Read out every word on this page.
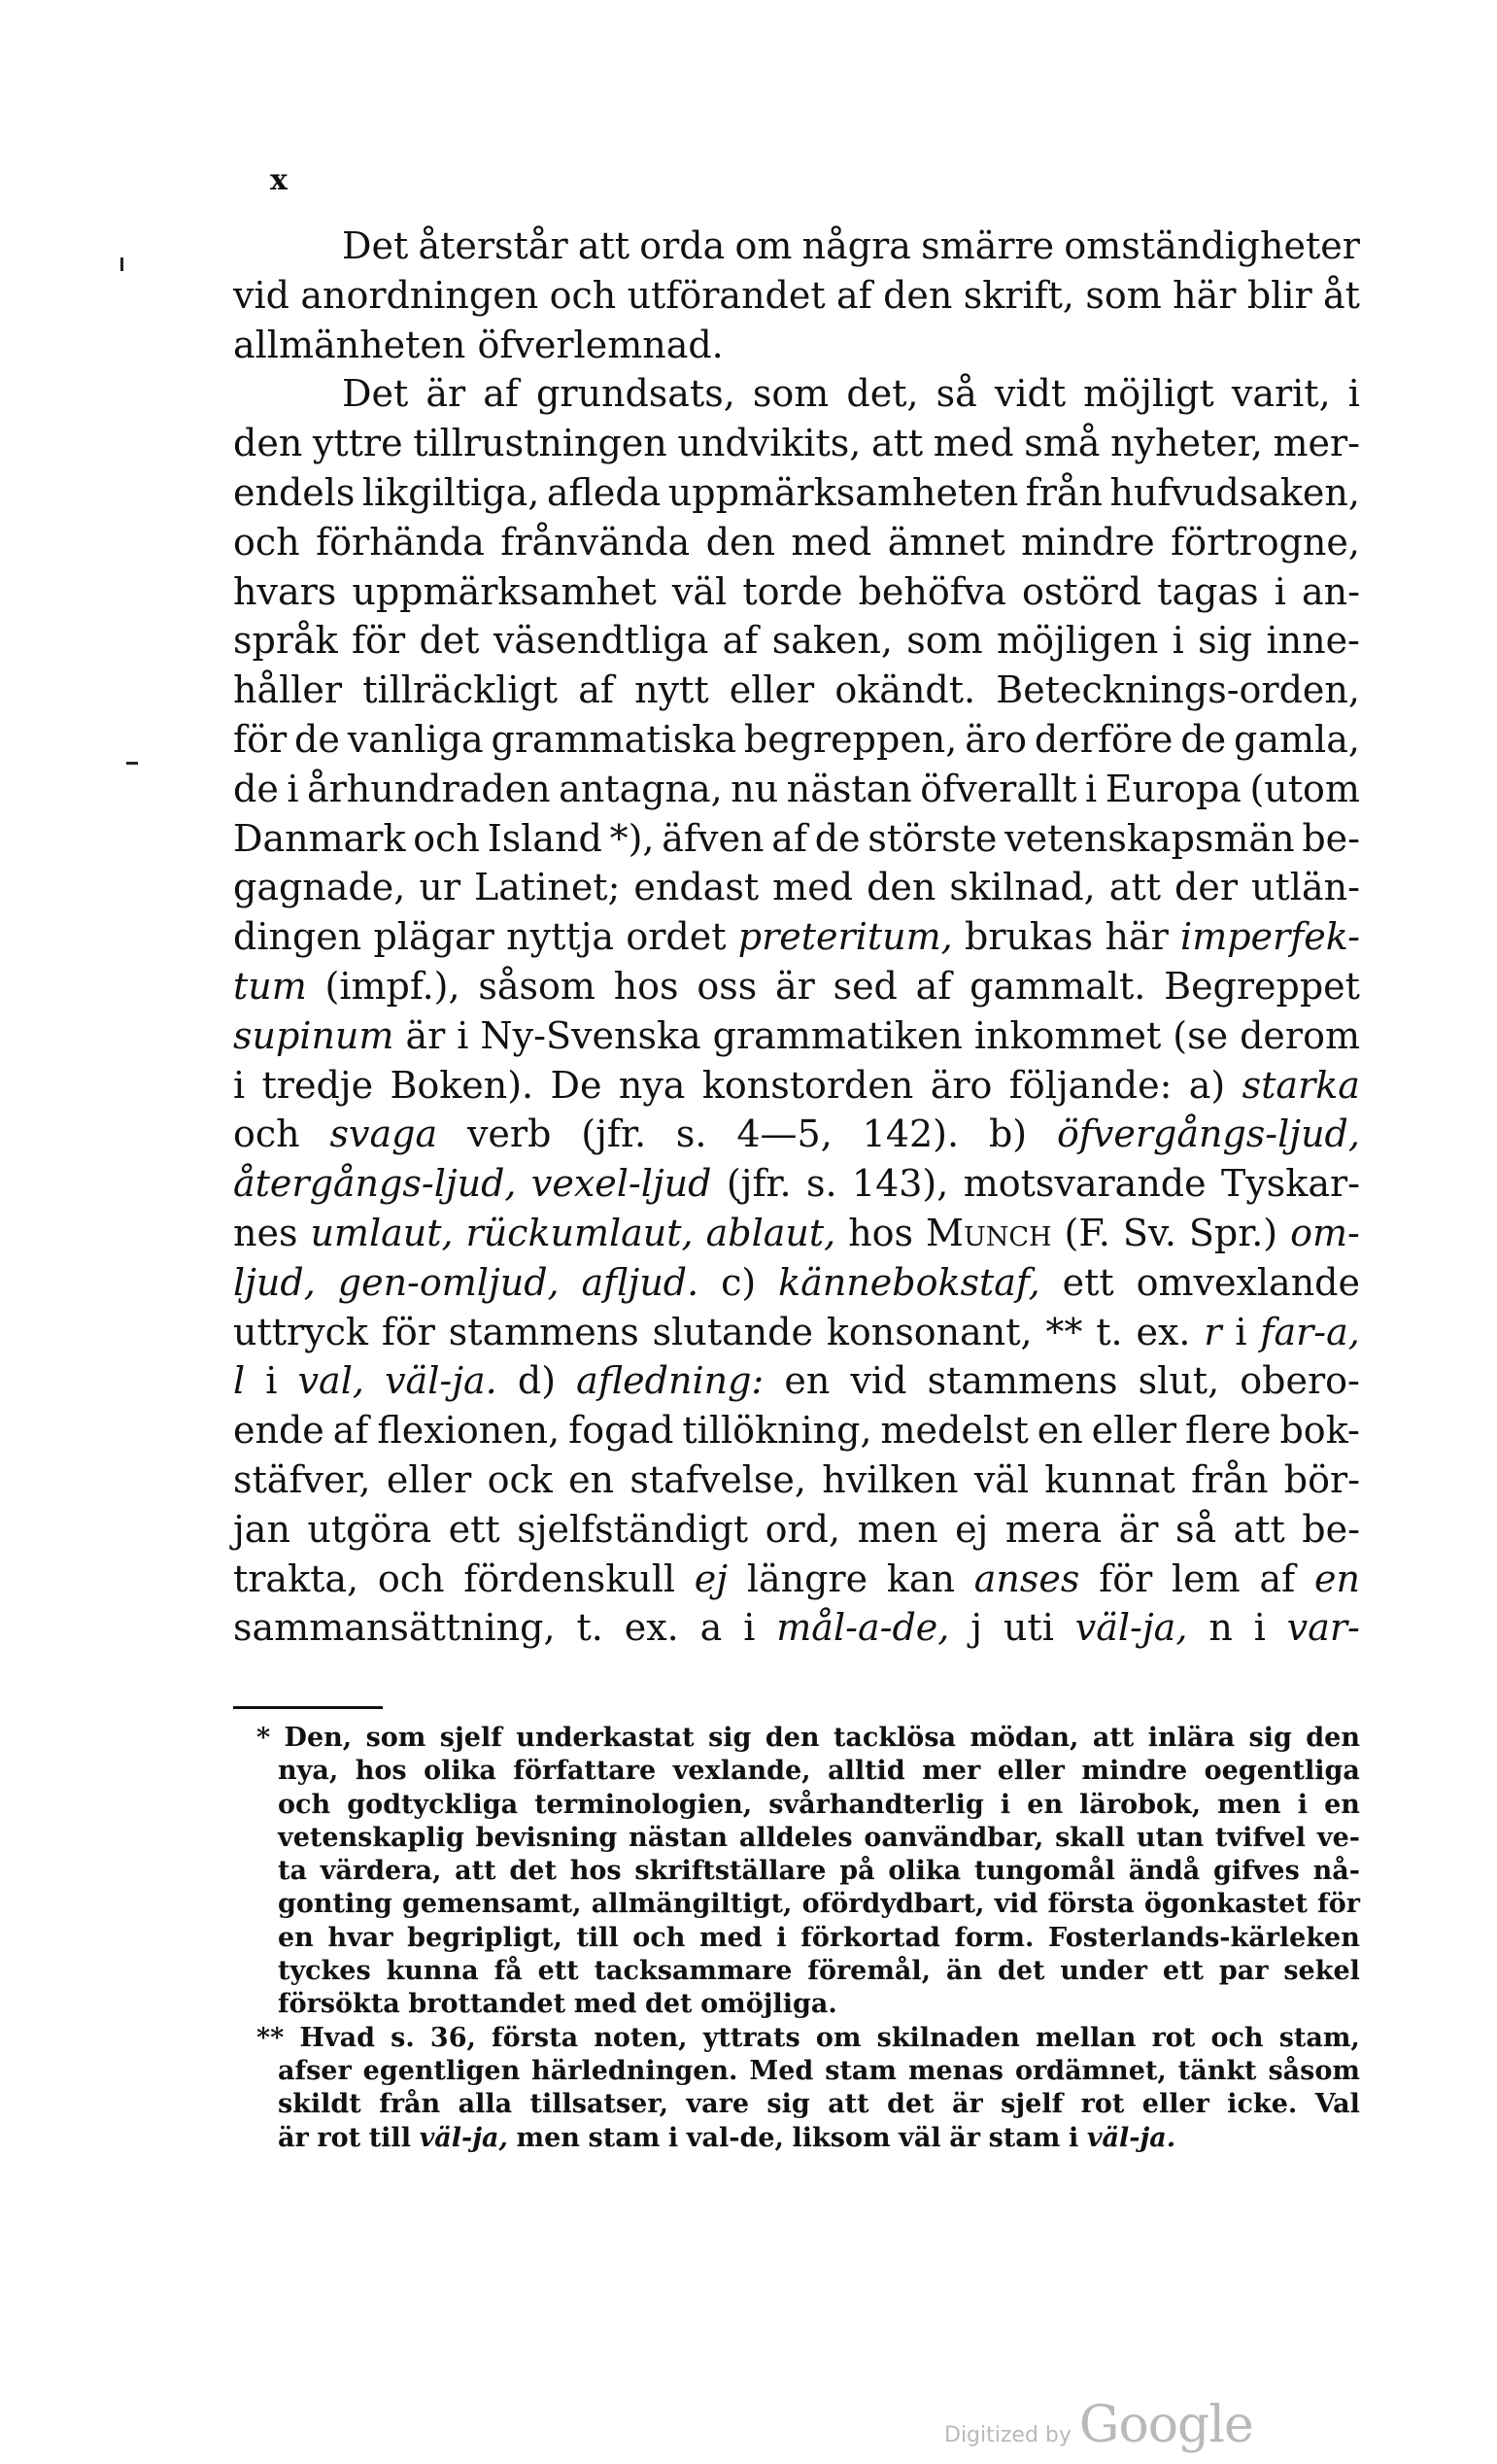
x
Det återstår att orda om några smärre omständigheter
vid anordningen och utförandet af den skrift, som här blir åt
allmänheten öfverlemnad.
Det är af grundsats, som det, så vidt möjligt varit, i
den yttre tillrustningen undvikits, att med små nyheter, mer-
endels likgiltiga, afleda uppmärksamheten från hufvudsaken,
och förhända frånvända den med ämnet mindre förtrogne,
hvars uppmärksamhet väl torde behöfva ostörd tagas i an-
språk för det väsendtliga af saken, som möjligen i sig inne-
håller tillräckligt af nytt eller okändt. Betecknings-orden,
för de vanliga grammatiska begreppen, äro derföre de gamla,
de i århundraden antagna, nu nästan öfverallt i Europa (utom
Danmark och Island *), äfven af de störste vetenskapsmän be-
gagnade, ur Latinet; endast med den skilnad, att der utlän-
dingen plägar nyttja ordet preteritum, brukas här imperfek-
tum (impf.), såsom hos oss är sed af gammalt. Begreppet
supinum är i Ny-Svenska grammatiken inkommet (se derom
i tredje Boken). De nya konstorden äro följande: a) starka
och svaga verb (jfr. s. 4—5, 142). b) öfvergångs-ljud,
återgångs-ljud, vexel-ljud (jfr. s. 143), motsvarande Tyskar-
nes umlaut, rückumlaut, ablaut, hos Munch (F. Sv. Spr.) om-
ljud, gen-omljud, afljud. c) kännebokstaf, ett omvexlande
uttryck för stammens slutande konsonant, ** t. ex. r i far-a,
l i val, väl-ja. d) afledning: en vid stammens slut, obero-
ende af flexionen, fogad tillökning, medelst en eller flere bok-
stäfver, eller ock en stafvelse, hvilken väl kunnat från bör-
jan utgöra ett sjelfständigt ord, men ej mera är så att be-
trakta, och fördenskull ej längre kan anses för lem af en
sammansättning, t. ex. a i mål-a-de, j uti väl-ja, n i var-
* Den, som sjelf underkastat sig den tacklösa mödan, att inlära sig den
nya, hos olika författare vexlande, alltid mer eller mindre oegentliga
och godtyckliga terminologien, svårhandterlig i en lärobok, men i en
vetenskaplig bevisning nästan alldeles oanvändbar, skall utan tvifvel ve-
ta värdera, att det hos skriftställare på olika tungomål ändå gifves nå-
gonting gemensamt, allmängiltigt, ofördydbart, vid första ögonkastet för
en hvar begripligt, till och med i förkortad form. Fosterlands-kärleken
tyckes kunna få ett tacksammare föremål, än det under ett par sekel
försökta brottandet med det omöjliga.
** Hvad s. 36, första noten, yttrats om skilnaden mellan rot och stam,
afser egentligen härledningen. Med stam menas ordämnet, tänkt såsom
skildt från alla tillsatser, vare sig att det är sjelf rot eller icke. Val
är rot till väl-ja, men stam i val-de, liksom väl är stam i väl-ja.
Digitized by Google
